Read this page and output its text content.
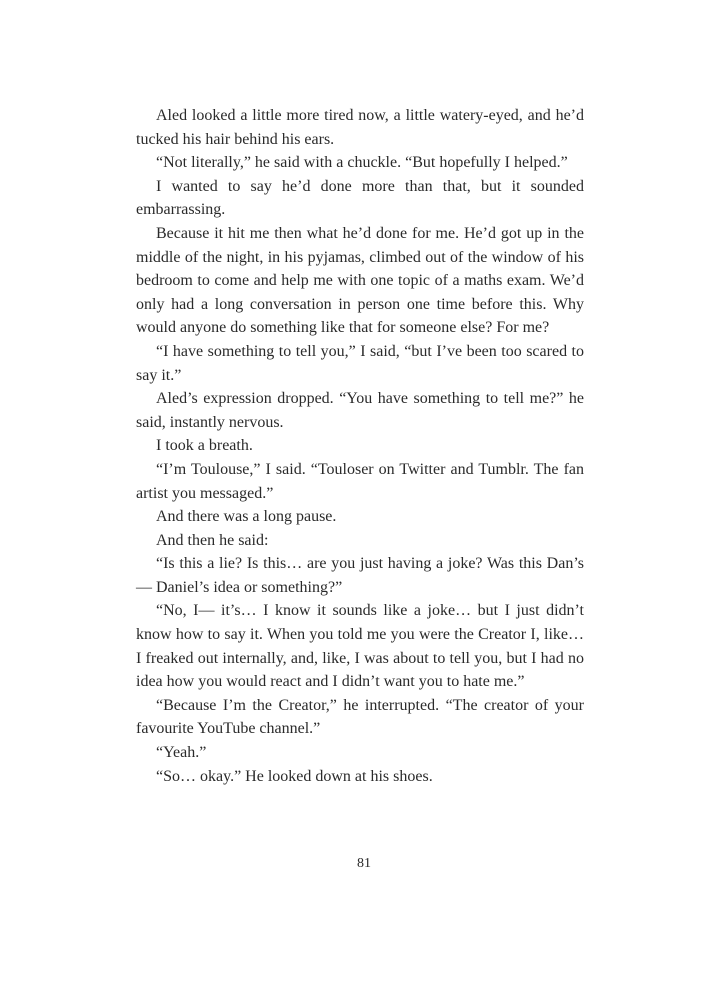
Aled looked a little more tired now, a little watery-eyed, and he’d tucked his hair behind his ears.

“Not literally,” he said with a chuckle. “But hopefully I helped.”

I wanted to say he’d done more than that, but it sounded embarrassing.

Because it hit me then what he’d done for me. He’d got up in the middle of the night, in his pyjamas, climbed out of the window of his bedroom to come and help me with one topic of a maths exam. We’d only had a long conversation in person one time before this. Why would anyone do something like that for someone else? For me?

“I have something to tell you,” I said, “but I’ve been too scared to say it.”

Aled’s expression dropped. “You have something to tell me?” he said, instantly nervous.

I took a breath.

“I’m Toulouse,” I said. “Touloser on Twitter and Tumblr. The fan artist you messaged.”

And there was a long pause.

And then he said:

“Is this a lie? Is this… are you just having a joke? Was this Dan’s— Daniel’s idea or something?”

“No, I— it’s… I know it sounds like a joke… but I just didn’t know how to say it. When you told me you were the Creator I, like… I freaked out internally, and, like, I was about to tell you, but I had no idea how you would react and I didn’t want you to hate me.”

“Because I’m the Creator,” he interrupted. “The creator of your favourite YouTube channel.”

“Yeah.”

“So… okay.” He looked down at his shoes.

81
